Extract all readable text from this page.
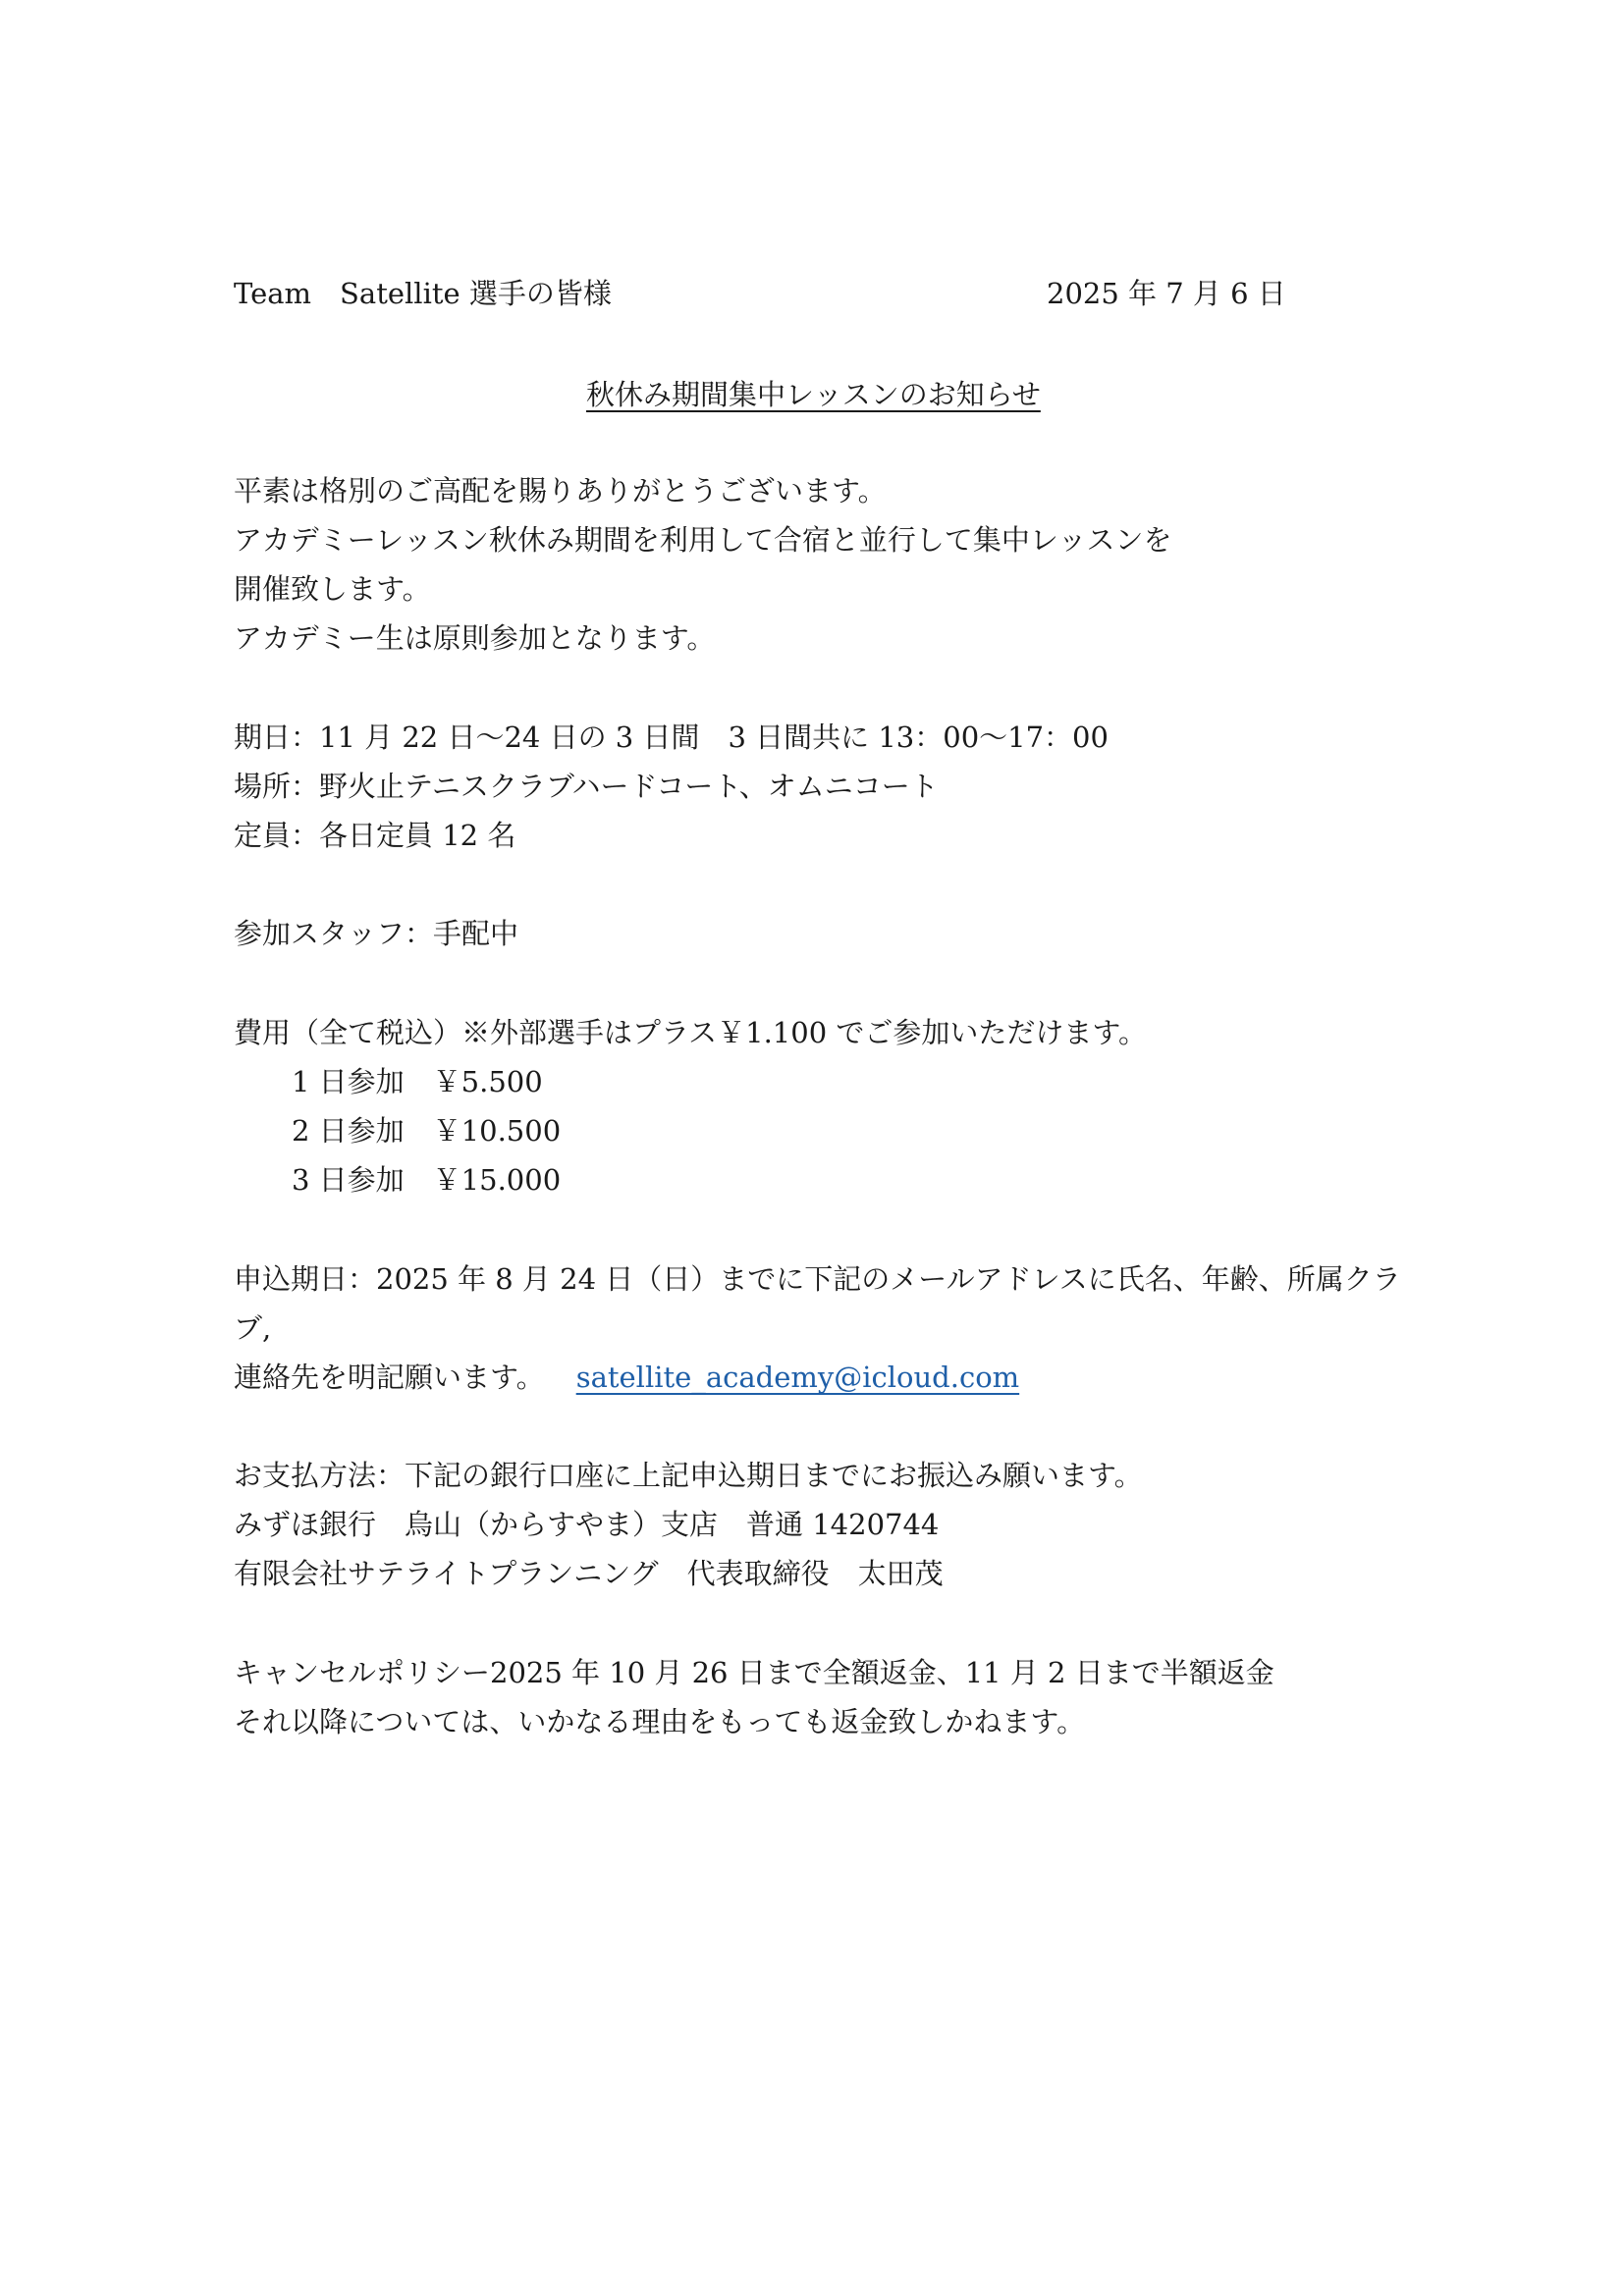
Team　Satellite 選手の皆様	2025 年 7 月 6 日
秋休み期間集中レッスンのお知らせ
平素は格別のご高配を賜りありがとうございます。
アカデミーレッスン秋休み期間を利用して合宿と並行して集中レッスンを
開催致します。
アカデミー生は原則参加となります。
期日：11 月 22 日～24 日の 3 日間　3 日間共に 13：00～17：00
場所：野火止テニスクラブハードコート、オムニコート
定員：各日定員 12 名
参加スタッフ：手配中
費用（全て税込）※外部選手はプラス￥1.100 でご参加いただけます。
1 日参加　￥5.500
2 日参加　￥10.500
3 日参加　￥15.000
申込期日：2025 年 8 月 24 日（日）までに下記のメールアドレスに氏名、年齢、所属クラ
ブ,
連絡先を明記願います。 satellite_academy@icloud.com
お支払方法：下記の銀行口座に上記申込期日までにお振込み願います。
みずほ銀行　烏山（からすやま）支店　普通 1420744
有限会社サテライトプランニング　代表取締役　太田茂
キャンセルポリシー2025 年 10 月 26 日まで全額返金、11 月 2 日まで半額返金
それ以降については、いかなる理由をもっても返金致しかねます。
